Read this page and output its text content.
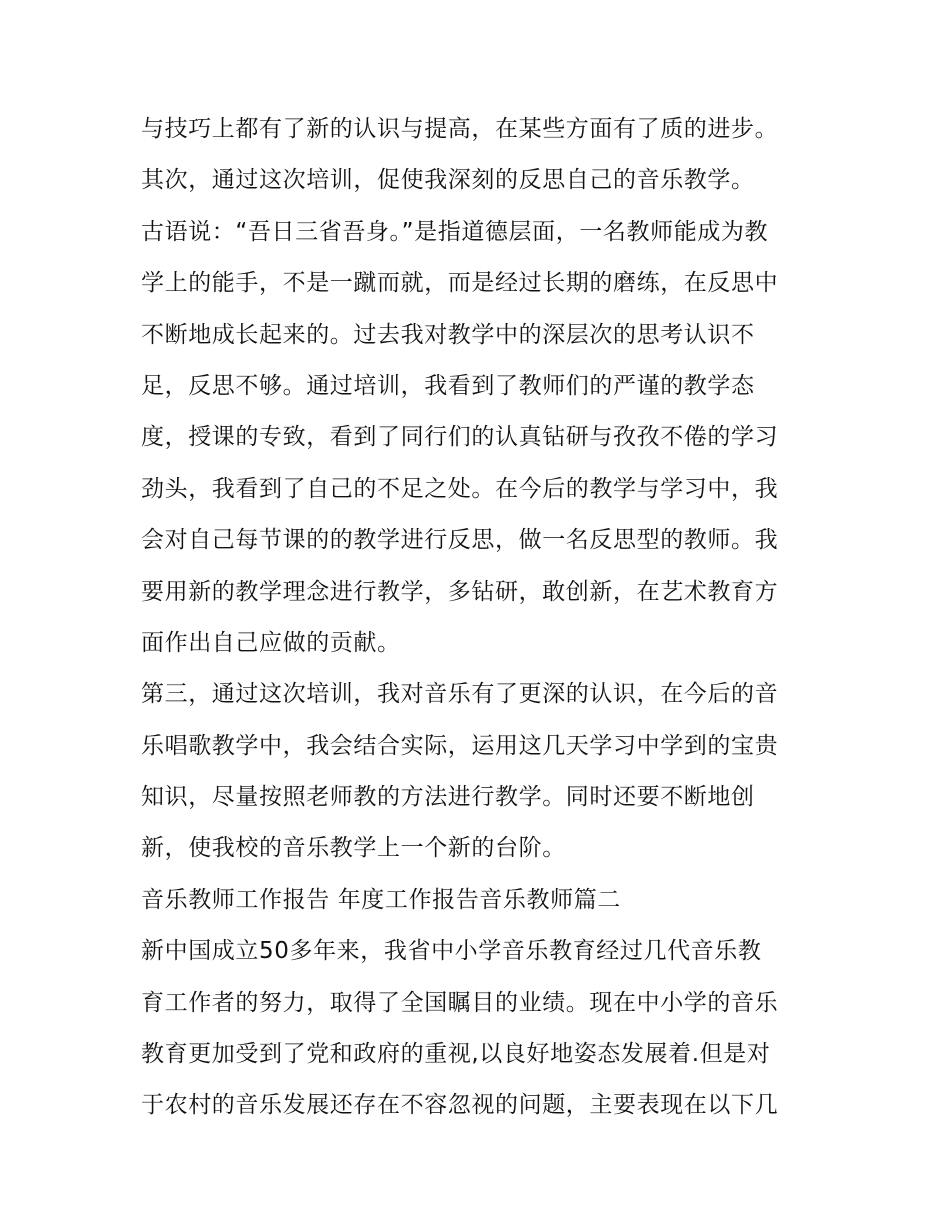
与技巧上都有了新的认识与提高，在某些方面有了质的进步。
其次，通过这次培训，促使我深刻的反思自己的音乐教学。
古语说：“吾日三省吾身。”是指道德层面，一名教师能成为教
学上的能手，不是一蹴而就，而是经过长期的磨练，在反思中
不断地成长起来的。过去我对教学中的深层次的思考认识不
足，反思不够。通过培训，我看到了教师们的严谨的教学态
度，授课的专致，看到了同行们的认真钻研与孜孜不倦的学习
劲头，我看到了自己的不足之处。在今后的教学与学习中，我
会对自己每节课的的教学进行反思，做一名反思型的教师。我
要用新的教学理念进行教学，多钻研，敢创新，在艺术教育方
面作出自己应做的贡献。
第三，通过这次培训，我对音乐有了更深的认识，在今后的音
乐唱歌教学中，我会结合实际，运用这几天学习中学到的宝贵
知识，尽量按照老师教的方法进行教学。同时还要不断地创
新，使我校的音乐教学上一个新的台阶。
音乐教师工作报告 年度工作报告音乐教师篇二
新中国成立50多年来，我省中小学音乐教育经过几代音乐教
育工作者的努力，取得了全国瞩目的业绩。现在中小学的音乐
教育更加受到了党和政府的重视,以良好地姿态发展着.但是对
于农村的音乐发展还存在不容忽视的问题，主要表现在以下几
